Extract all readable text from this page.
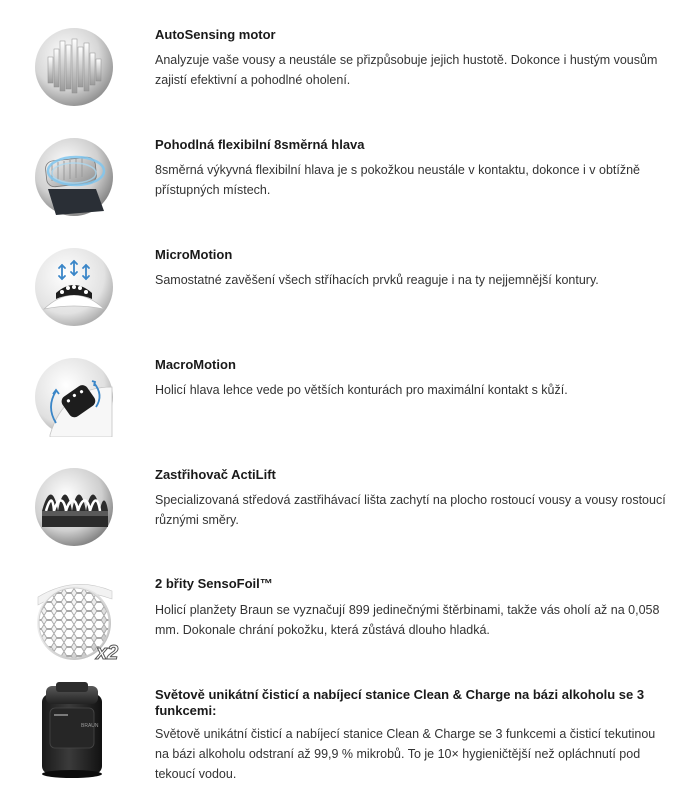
AutoSensing motor
Analyzuje vaše vousy a neustále se přizpůsobuje jejich hustotě. Dokonce i hustým vousům zajistí efektivní a pohodlné oholení.
Pohodlná flexibilní 8směrná hlava
8směrná výkyvná flexibilní hlava je s pokožkou neustále v kontaktu, dokonce i v obtížně přístupných místech.
MicroMotion
Samostatné zavěšení všech stříhacích prvků reaguje i na ty nejjemnější kontury.
MacroMotion
Holicí hlava lehce vede po větších konturách pro maximální kontakt s kůží.
Zastřihovač ActiLift
Specializovaná středová zastřihávací lišta zachytí na plocho rostoucí vousy a vousy rostoucí různými směry.
x2
2 břity SensoFoil™
Holicí planžety Braun se vyznačují 899 jedinečnými štěrbinami, takže vás oholí až na 0,058 mm. Dokonale chrání pokožku, která zůstává dlouho hladká.
BRAUN
Světově unikátní čisticí a nabíjecí stanice Clean & Charge na bázi alkoholu se 3 funkcemi:
Světově unikátní čisticí a nabíjecí stanice Clean & Charge se 3 funkcemi a čisticí tekutinou na bázi alkoholu odstraní až 99,9 % mikrobů. To je 10× hygieničtější než opláchnutí pod tekoucí vodou.
